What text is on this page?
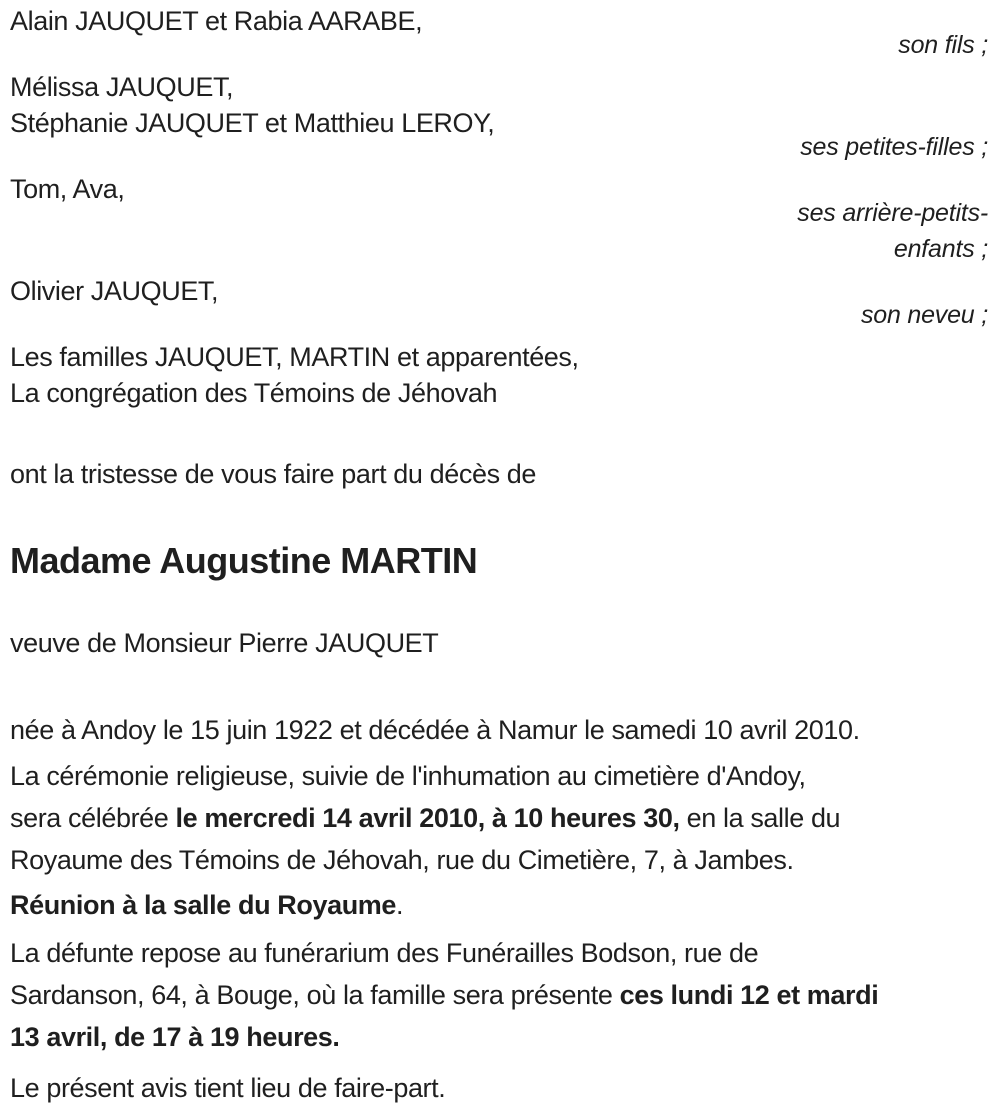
Alain JAUQUET et Rabia AARABE,
son fils ;
Mélissa JAUQUET,
Stéphanie JAUQUET et Matthieu LEROY,
ses petites-filles ;
Tom, Ava,
ses arrière-petits-
enfants ;
Olivier JAUQUET,
son neveu ;
Les familles JAUQUET, MARTIN et apparentées,
La congrégation des Témoins de Jéhovah

ont la tristesse de vous faire part du décès de

Madame Augustine MARTIN

veuve de Monsieur Pierre JAUQUET

née à Andoy le 15 juin 1922 et décédée à Namur le samedi 10 avril 2010.

La cérémonie religieuse, suivie de l'inhumation au cimetière d'Andoy,
sera célébrée le mercredi 14 avril 2010, à 10 heures 30, en la salle du
Royaume des Témoins de Jéhovah, rue du Cimetière, 7, à Jambes.
Réunion à la salle du Royaume.
La défunte repose au funérarium des Funérailles Bodson, rue de
Sardanson, 64, à Bouge, où la famille sera présente ces lundi 12 et mardi
13 avril, de 17 à 19 heures.

Le présent avis tient lieu de faire-part.
